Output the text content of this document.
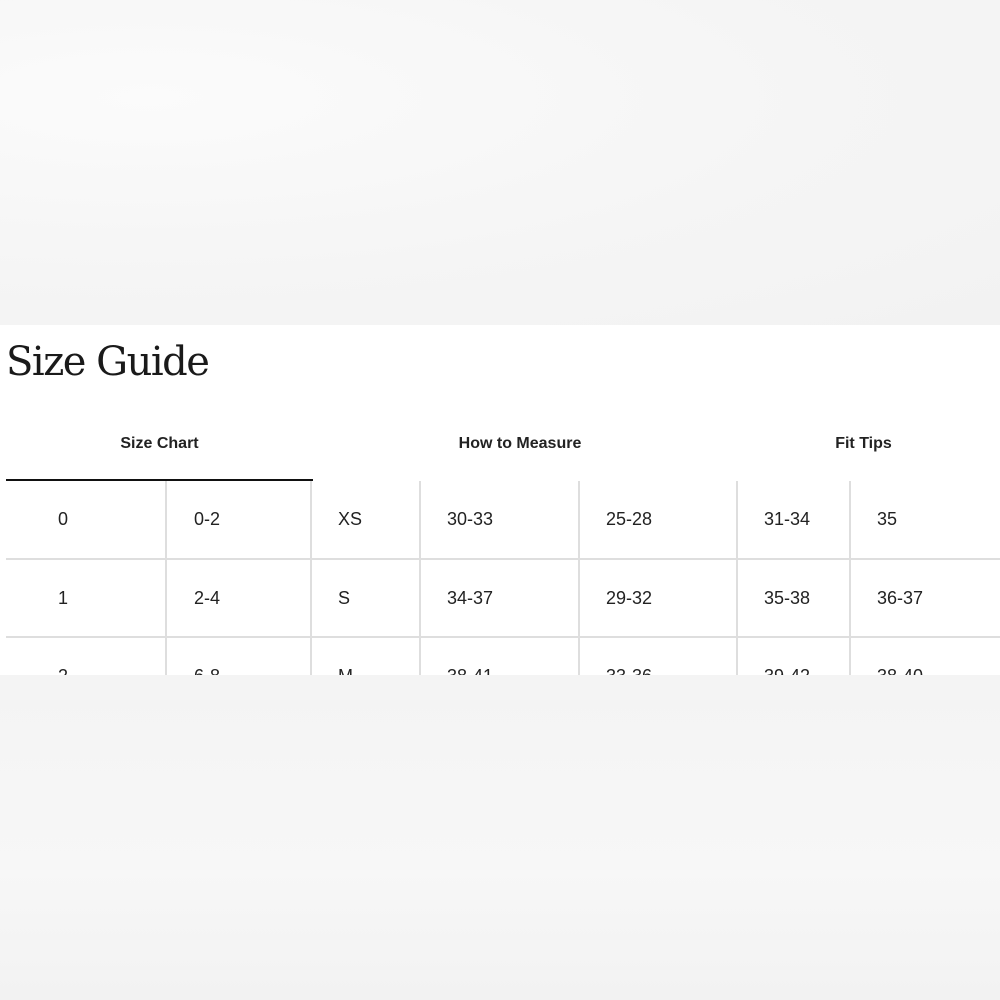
Size Guide
Size Chart	How to Measure	Fit Tips
0	0-2	XS	30-33	25-28	31-34	35
1	2-4	S	34-37	29-32	35-38	36-37
